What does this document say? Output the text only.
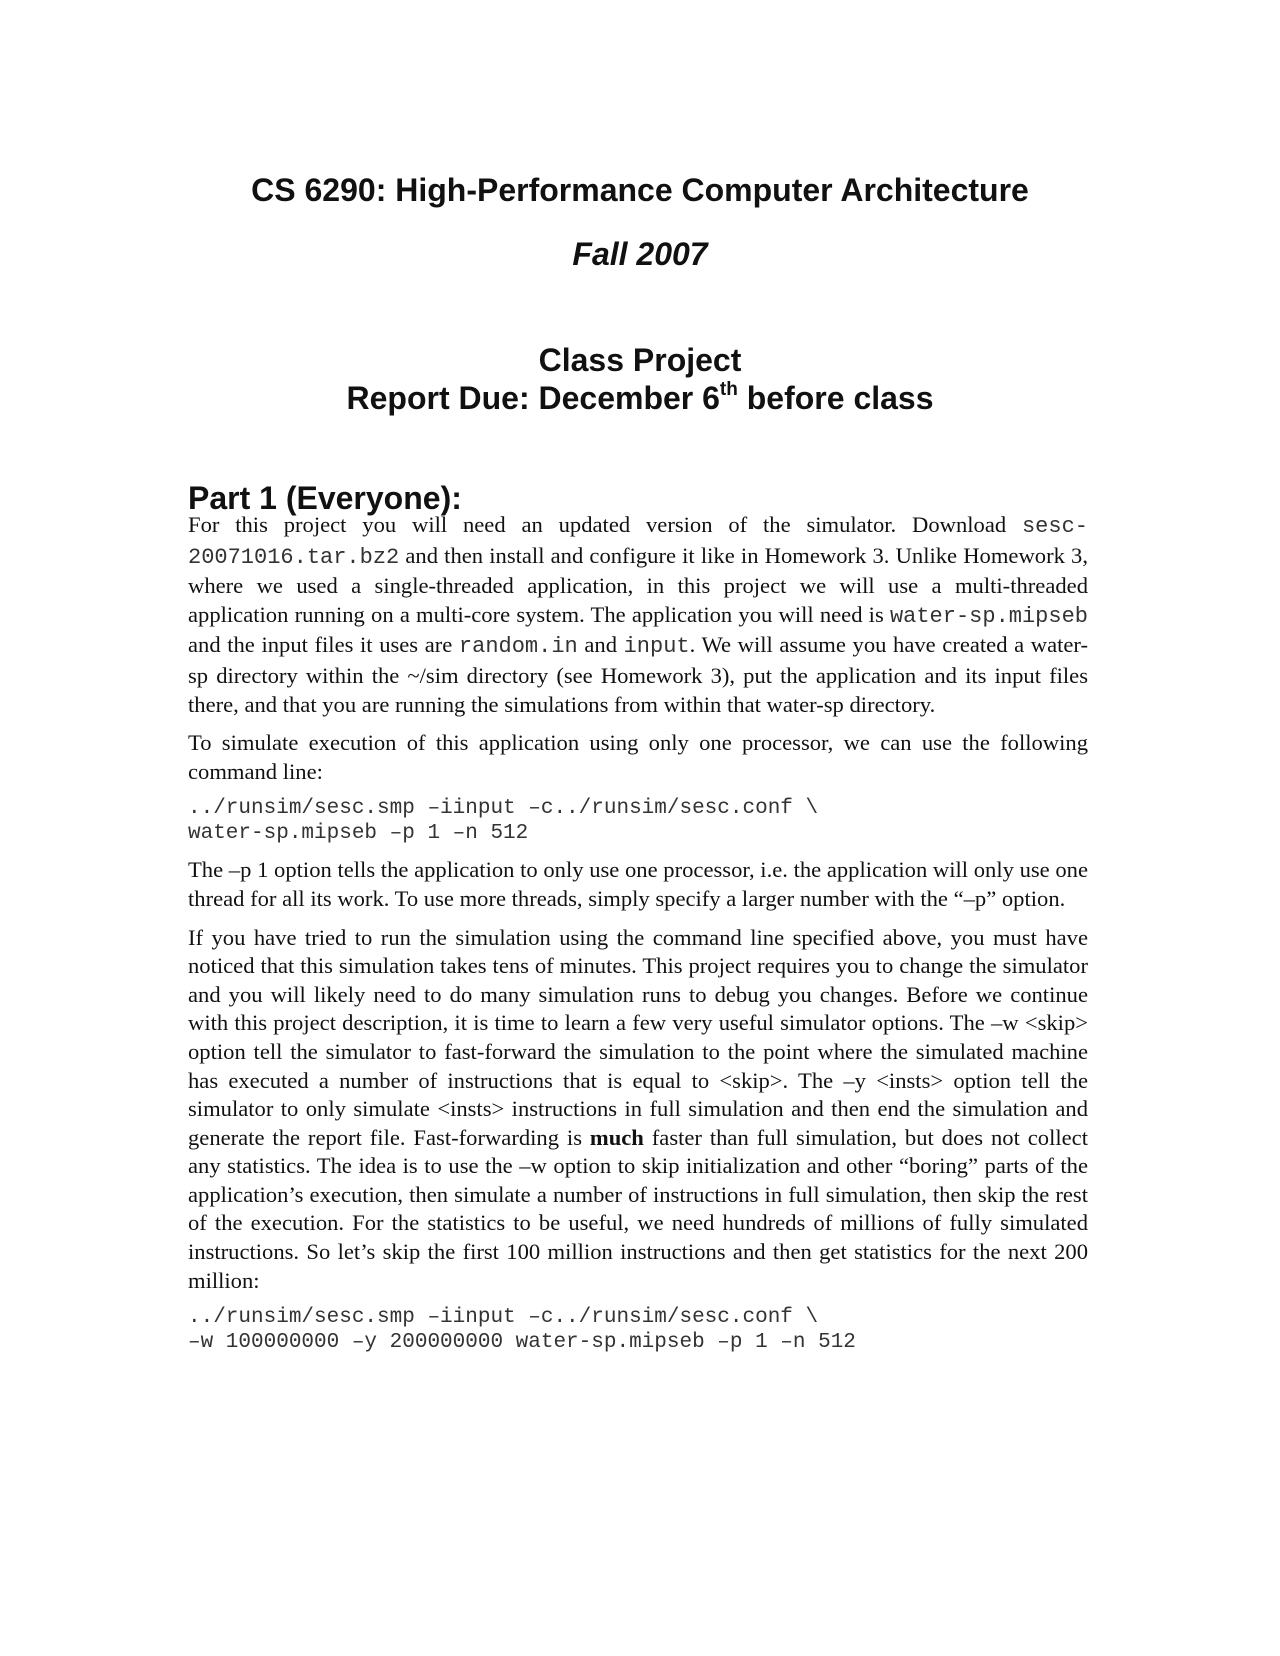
CS 6290: High-Performance Computer Architecture
Fall 2007
Class Project
Report Due: December 6th before class
Part 1 (Everyone):

For this project you will need an updated version of the simulator. Download sesc-20071016.tar.bz2 and then install and configure it like in Homework 3. Unlike Homework 3, where we used a single-threaded application, in this project we will use a multi-threaded application running on a multi-core system. The application you will need is water-sp.mipseb and the input files it uses are random.in and input. We will assume you have created a water-sp directory within the ~/sim directory (see Homework 3), put the application and its input files there, and that you are running the simulations from within that water-sp directory.

To simulate execution of this application using only one processor, we can use the following command line:

../runsim/sesc.smp –iinput –c../runsim/sesc.conf \
water-sp.mipseb –p 1 –n 512

The –p 1 option tells the application to only use one processor, i.e. the application will only use one thread for all its work. To use more threads, simply specify a larger number with the “–p” option.

If you have tried to run the simulation using the command line specified above, you must have noticed that this simulation takes tens of minutes. This project requires you to change the simulator and you will likely need to do many simulation runs to debug you changes. Before we continue with this project description, it is time to learn a few very useful simulator options. The –w <skip> option tell the simulator to fast-forward the simulation to the point where the simulated machine has executed a number of instructions that is equal to <skip>. The –y <insts> option tell the simulator to only simulate <insts> instructions in full simulation and then end the simulation and generate the report file. Fast-forwarding is much faster than full simulation, but does not collect any statistics. The idea is to use the –w option to skip initialization and other “boring” parts of the application’s execution, then simulate a number of instructions in full simulation, then skip the rest of the execution. For the statistics to be useful, we need hundreds of millions of fully simulated instructions. So let’s skip the first 100 million instructions and then get statistics for the next 200 million:

../runsim/sesc.smp –iinput –c../runsim/sesc.conf \
–w 100000000 –y 200000000 water-sp.mipseb –p 1 –n 512
